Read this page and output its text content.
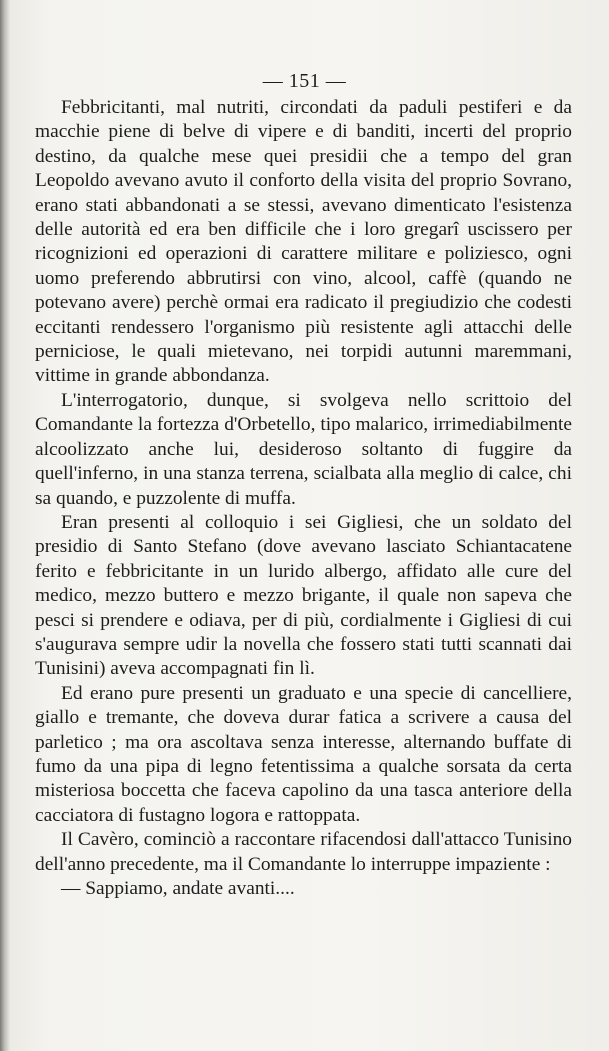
— 151 —

Febbricitanti, mal nutriti, circondati da paduli pestiferi e da macchie piene di belve di vipere e di banditi, incerti del proprio destino, da qualche mese quei presidii che a tempo del gran Leopoldo avevano avuto il conforto della visita del proprio Sovrano, erano stati abbandonati a se stessi, avevano dimenticato l'esistenza delle autorità ed era ben difficile che i loro gregarî uscissero per ricognizioni ed operazioni di carattere militare e poliziesco, ogni uomo preferendo abbrutirsi con vino, alcool, caffè (quando ne potevano avere) perchè ormai era radicato il pregiudizio che codesti eccitanti rendessero l'organismo più resistente agli attacchi delle perniciose, le quali mietevano, nei torpidi autunni maremmani, vittime in grande abbondanza.

L'interrogatorio, dunque, si svolgeva nello scrittoio del Comandante la fortezza d'Orbetello, tipo malarico, irrimediabilmente alcoolizzato anche lui, desideroso soltanto di fuggire da quell'inferno, in una stanza terrena, scialbata alla meglio di calce, chi sa quando, e puzzolente di muffa.

Eran presenti al colloquio i sei Gigliesi, che un soldato del presidio di Santo Stefano (dove avevano lasciato Schiantacatene ferito e febbricitante in un lurido albergo, affidato alle cure del medico, mezzo buttero e mezzo brigante, il quale non sapeva che pesci si prendere e odiava, per di più, cordialmente i Gigliesi di cui s'augurava sempre udir la novella che fossero stati tutti scannati dai Tunisini) aveva accompagnati fin lì.

Ed erano pure presenti un graduato e una specie di cancelliere, giallo e tremante, che doveva durar fatica a scrivere a causa del parletico ; ma ora ascoltava senza interesse, alternando buffate di fumo da una pipa di legno fetentissima a qualche sorsata da certa misteriosa boccetta che faceva capolino da una tasca anteriore della cacciatora di fustagno logora e rattoppata.

Il Cavèro, cominciò a raccontare rifacendosi dall'attacco Tunisino dell'anno precedente, ma il Comandante lo interruppe impaziente :

— Sappiamo, andate avanti....
